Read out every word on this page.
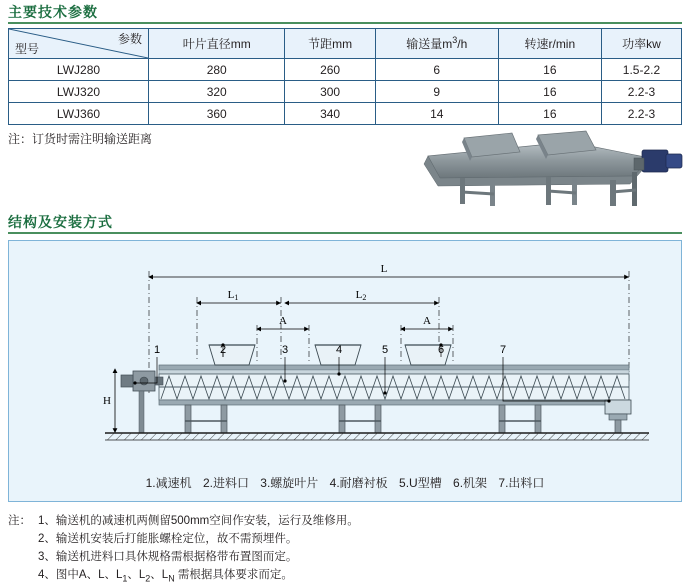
主要技术参数
参数
型号	叶片直径mm	节距mm	输送量$m^3/h$	转速r/min	功率kw
LWJ280	280	260	6	16	1.5-2.2
LWJ320	320	300	9	16	2.2-3
LWJ360	360	340	14	16	2.2-3
注：订货时需注明输送距离
结构及安装方式
L
L1	L2
A	A
H
1	2	3	4	5	6	7
1.减速机 2.进料口 3.螺旋叶片 4.耐磨衬板 5.U型槽 6.机架 7.出料口
注： 1、输送机的减速机两侧留500mm空间作安装，运行及维修用。
2、输送机安装后打能胀螺栓定位，故不需预埋件。
3、输送机进料口具休规格需根据格带布置图而定。
4、图中A、L、$L_1$、$L_2$、$L_N$ 需根据具体要求而定。
